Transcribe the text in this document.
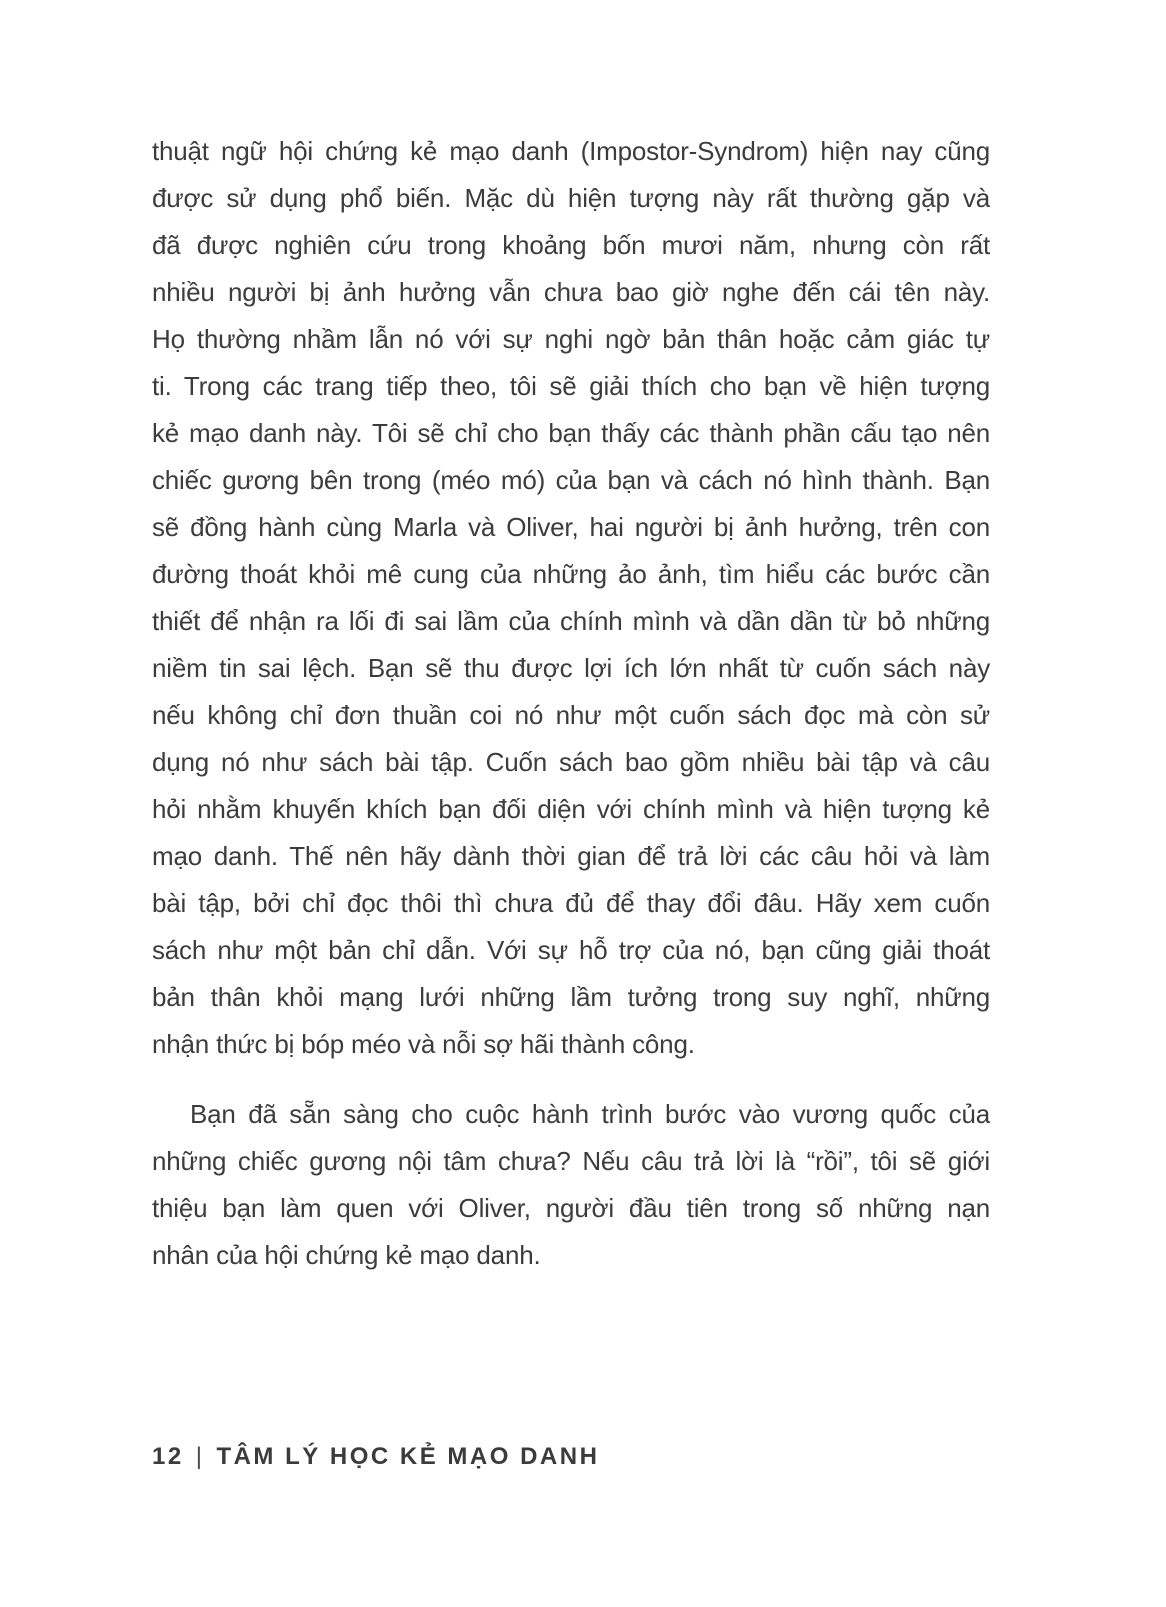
thuật ngữ hội chứng kẻ mạo danh (Impostor-Syndrom) hiện nay cũng
được sử dụng phổ biến. Mặc dù hiện tượng này rất thường gặp và
đã được nghiên cứu trong khoảng bốn mươi năm, nhưng còn rất
nhiều người bị ảnh hưởng vẫn chưa bao giờ nghe đến cái tên này.
Họ thường nhầm lẫn nó với sự nghi ngờ bản thân hoặc cảm giác tự
ti. Trong các trang tiếp theo, tôi sẽ giải thích cho bạn về hiện tượng
kẻ mạo danh này. Tôi sẽ chỉ cho bạn thấy các thành phần cấu tạo nên
chiếc gương bên trong (méo mó) của bạn và cách nó hình thành. Bạn
sẽ đồng hành cùng Marla và Oliver, hai người bị ảnh hưởng, trên con
đường thoát khỏi mê cung của những ảo ảnh, tìm hiểu các bước cần
thiết để nhận ra lối đi sai lầm của chính mình và dần dần từ bỏ những
niềm tin sai lệch. Bạn sẽ thu được lợi ích lớn nhất từ cuốn sách này
nếu không chỉ đơn thuần coi nó như một cuốn sách đọc mà còn sử
dụng nó như sách bài tập. Cuốn sách bao gồm nhiều bài tập và câu
hỏi nhằm khuyến khích bạn đối diện với chính mình và hiện tượng kẻ
mạo danh. Thế nên hãy dành thời gian để trả lời các câu hỏi và làm
bài tập, bởi chỉ đọc thôi thì chưa đủ để thay đổi đâu. Hãy xem cuốn
sách như một bản chỉ dẫn. Với sự hỗ trợ của nó, bạn cũng giải thoát
bản thân khỏi mạng lưới những lầm tưởng trong suy nghĩ, những
nhận thức bị bóp méo và nỗi sợ hãi thành công.
Bạn đã sẵn sàng cho cuộc hành trình bước vào vương quốc của
những chiếc gương nội tâm chưa? Nếu câu trả lời là “rồi”, tôi sẽ giới
thiệu bạn làm quen với Oliver, người đầu tiên trong số những nạn
nhân của hội chứng kẻ mạo danh.
12 | TÂM LÝ HỌC KẺ MẠO DANH
